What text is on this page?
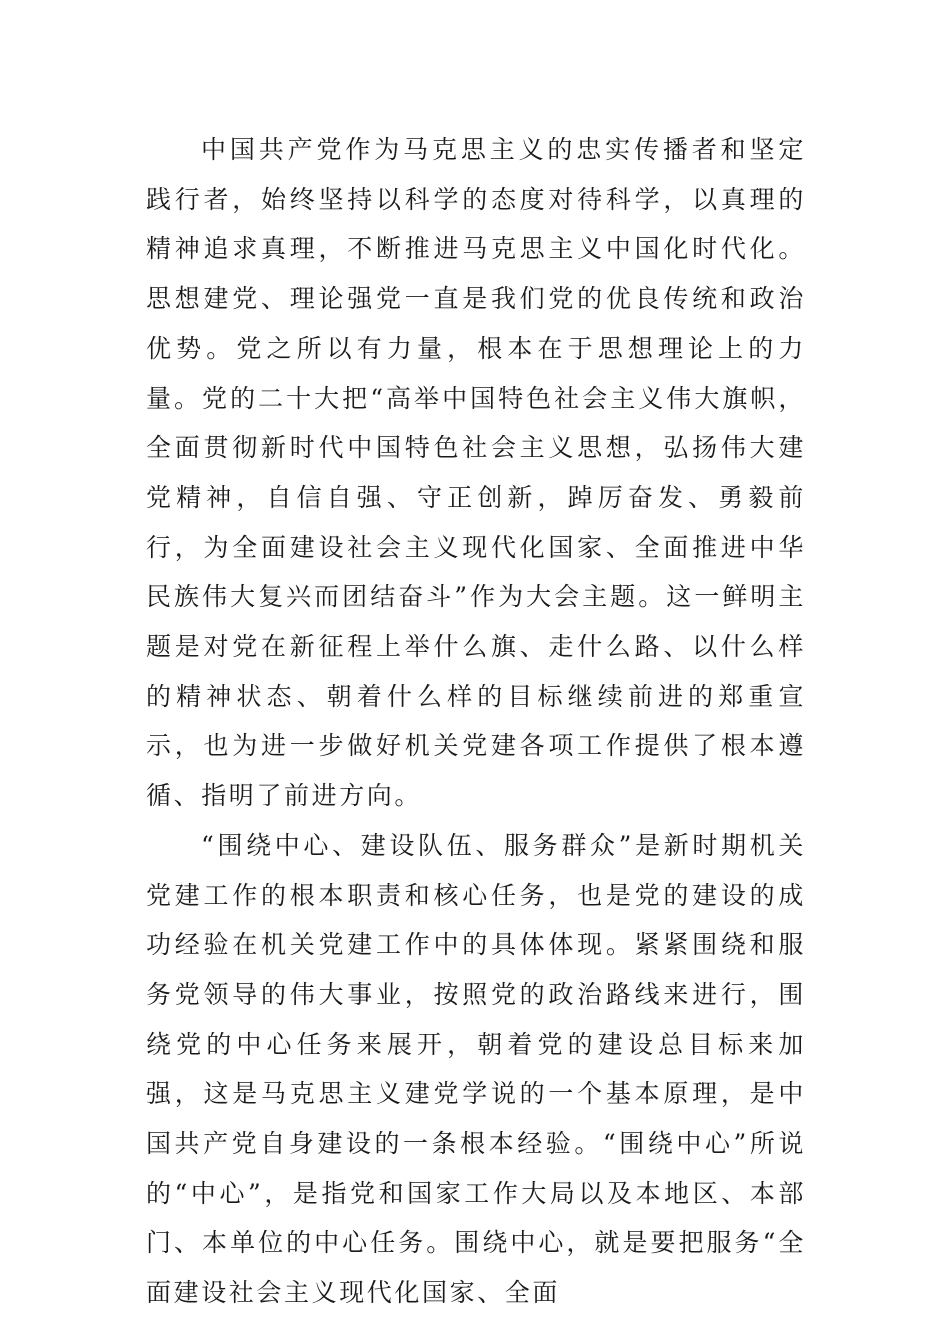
中国共产党作为马克思主义的忠实传播者和坚定践行者，始终坚持以科学的态度对待科学，以真理的精神追求真理，不断推进马克思主义中国化时代化。思想建党、理论强党一直是我们党的优良传统和政治优势。党之所以有力量，根本在于思想理论上的力量。党的二十大把“高举中国特色社会主义伟大旗帜，全面贯彻新时代中国特色社会主义思想，弘扬伟大建党精神，自信自强、守正创新，踔厉奋发、勇毅前行，为全面建设社会主义现代化国家、全面推进中华民族伟大复兴而团结奋斗”作为大会主题。这一鲜明主题是对党在新征程上举什么旗、走什么路、以什么样的精神状态、朝着什么样的目标继续前进的郑重宣示，也为进一步做好机关党建各项工作提供了根本遵循、指明了前进方向。

“围绕中心、建设队伍、服务群众”是新时期机关党建工作的根本职责和核心任务，也是党的建设的成功经验在机关党建工作中的具体体现。紧紧围绕和服务党领导的伟大事业，按照党的政治路线来进行，围绕党的中心任务来展开，朝着党的建设总目标来加强，这是马克思主义建党学说的一个基本原理，是中国共产党自身建设的一条根本经验。“围绕中心”所说的“中心”，是指党和国家工作大局以及本地区、本部门、本单位的中心任务。围绕中心，就是要把服务“全面建设社会主义现代化国家、全面
